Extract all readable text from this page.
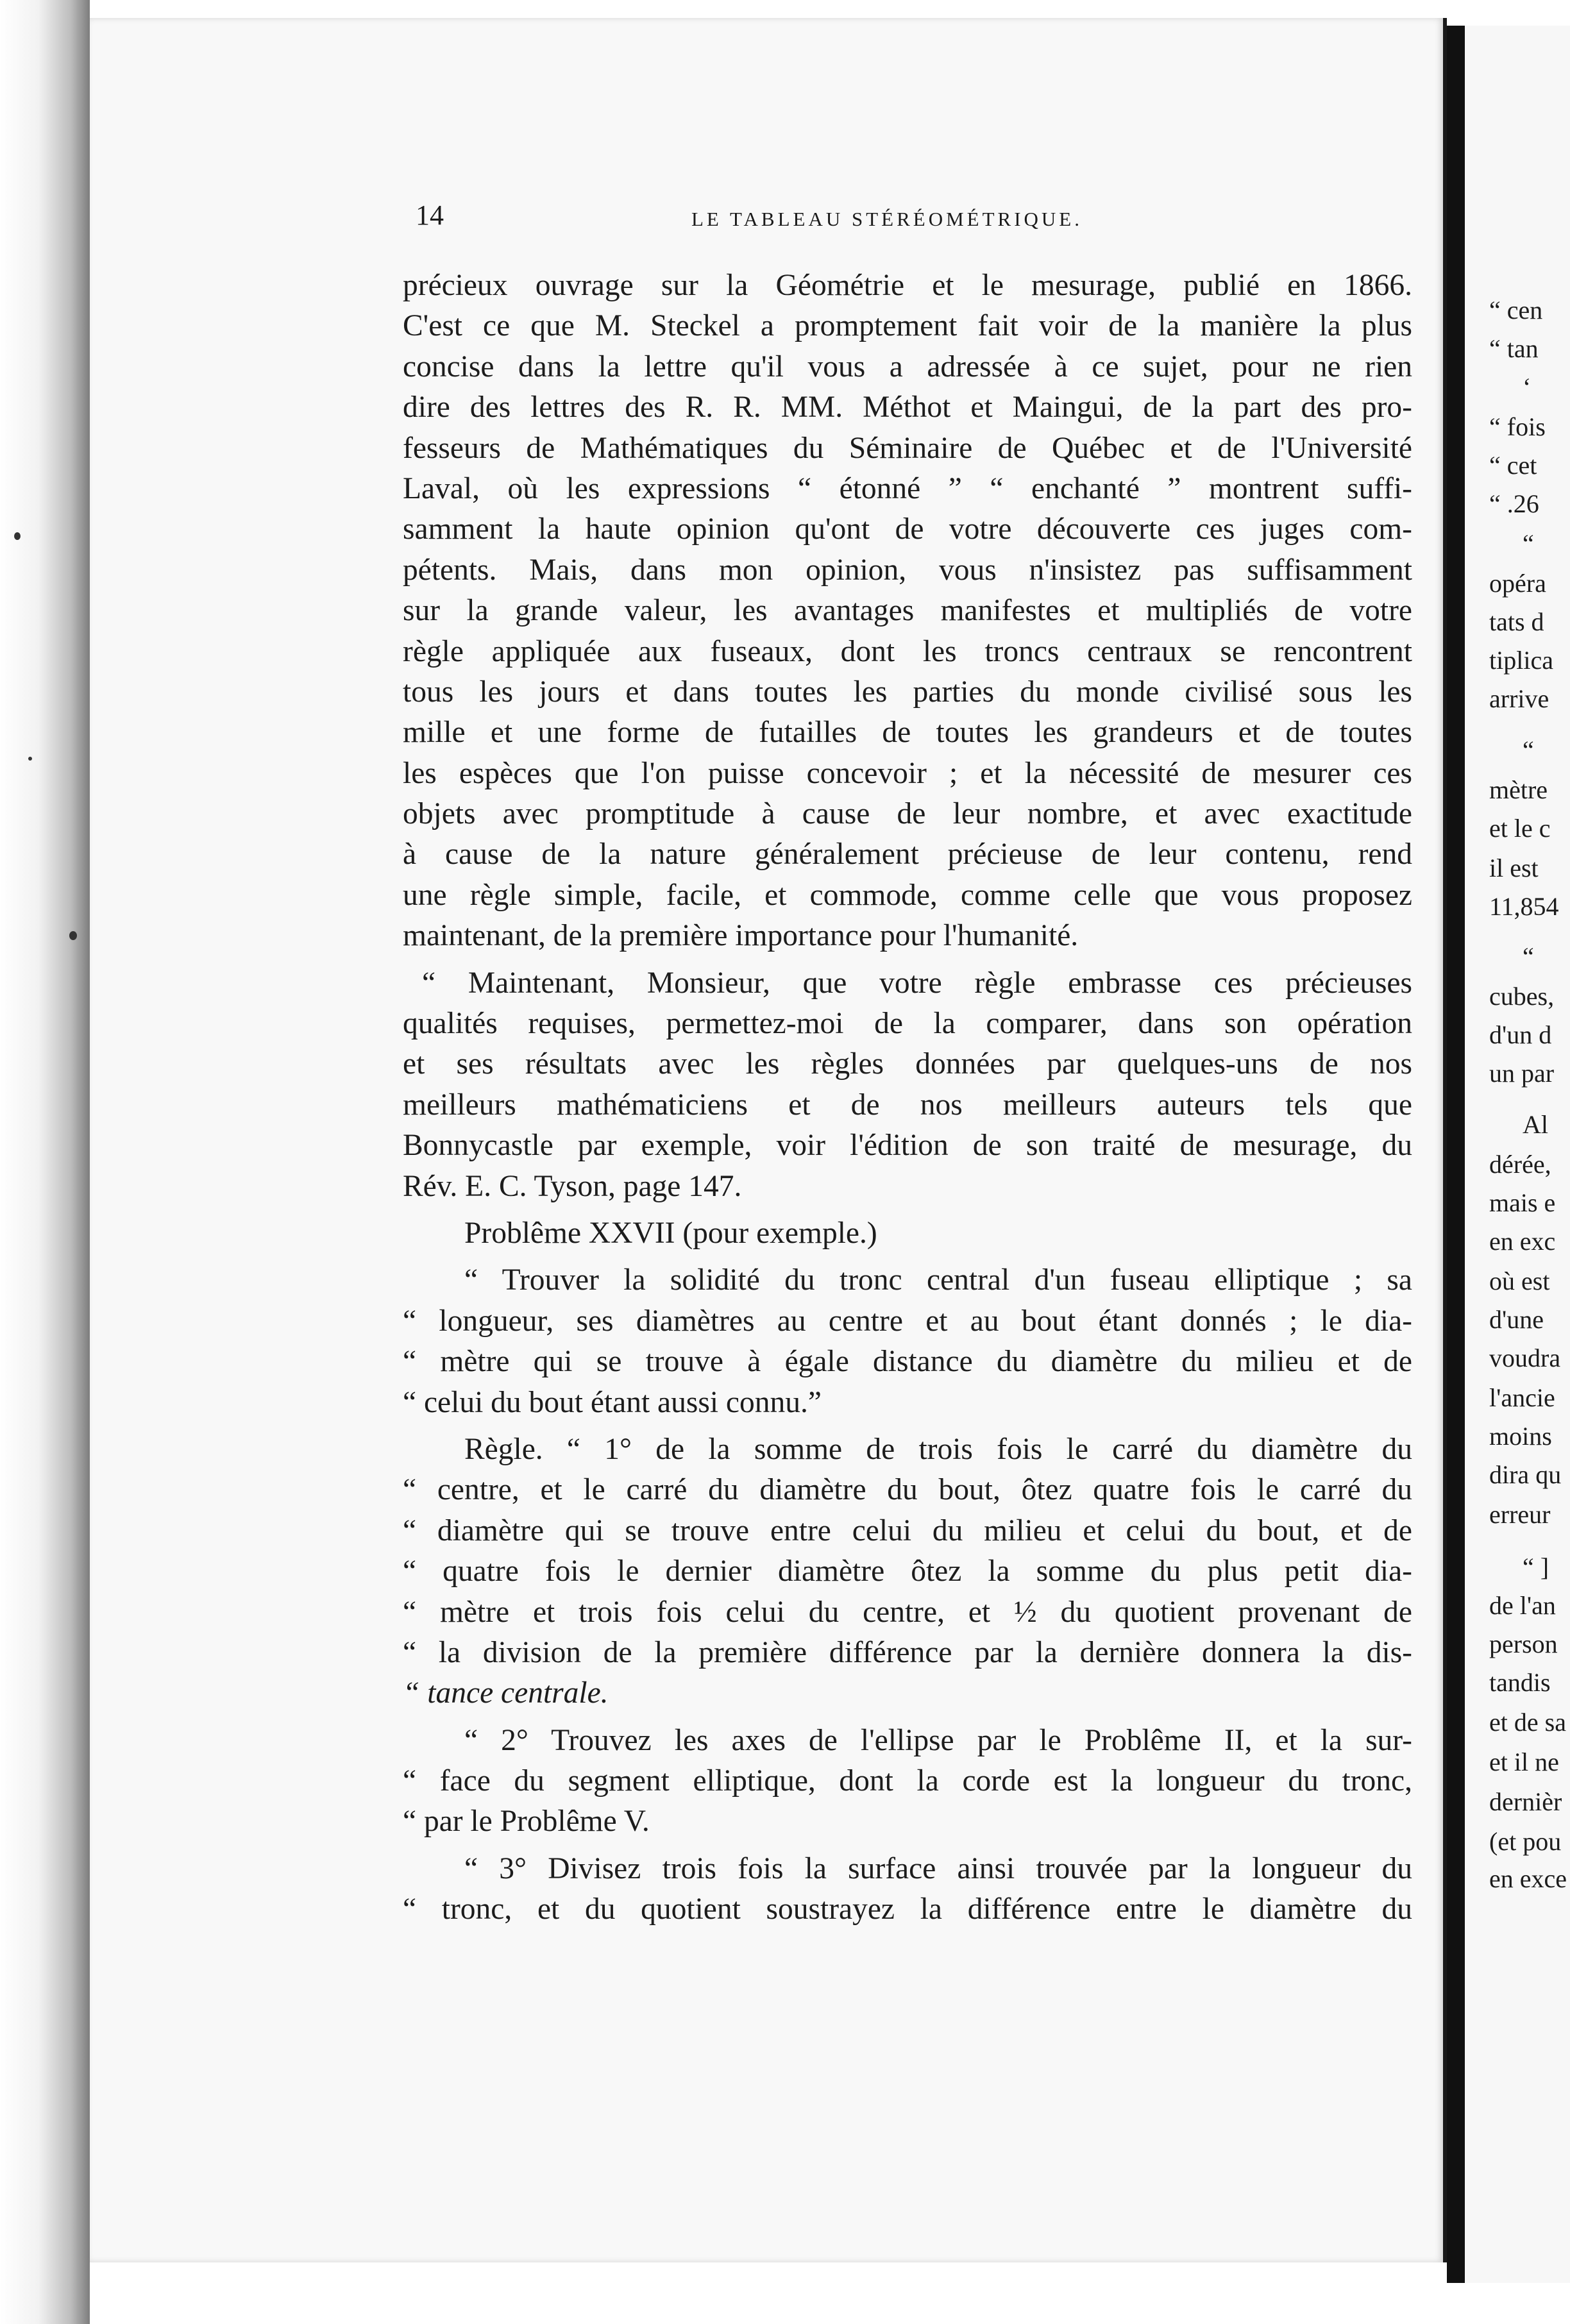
“ cen
“ tan
‘
“ fois
“ cet
“ .26
“
opéra
tats d
tiplica
arrive
“
mètre
et le c
il est
11,854
“
cubes,
d'un d
un par
Al
dérée,
mais e
en exc
où est
d'une
voudra
l'ancie
moins
dira qu
erreur
“ ]
de l'an
person
tandis
et de sa
et il ne
dernièr
(et pou
en exce
14	LE TABLEAU STÉRÉOMÉTRIQUE.
précieux ouvrage sur la Géométrie et le mesurage, publié en 1866.
C'est ce que M. Steckel a promptement fait voir de la manière la plus
concise dans la lettre qu'il vous a adressée à ce sujet, pour ne rien
dire des lettres des R. R. MM. Méthot et Maingui, de la part des pro-
fesseurs de Mathématiques du Séminaire de Québec et de l'Université
Laval, où les expressions “ étonné ” “ enchanté ” montrent suffi-
samment la haute opinion qu'ont de votre découverte ces juges com-
pétents. Mais, dans mon opinion, vous n'insistez pas suffisamment
sur la grande valeur, les avantages manifestes et multipliés de votre
règle appliquée aux fuseaux, dont les troncs centraux se rencontrent
tous les jours et dans toutes les parties du monde civilisé sous les
mille et une forme de futailles de toutes les grandeurs et de toutes
les espèces que l'on puisse concevoir ; et la nécessité de mesurer ces
objets avec promptitude à cause de leur nombre, et avec exactitude
à cause de la nature généralement précieuse de leur contenu, rend
une règle simple, facile, et commode, comme celle que vous proposez
maintenant, de la première importance pour l'humanité.
“ Maintenant, Monsieur, que votre règle embrasse ces précieuses
qualités requises, permettez-moi de la comparer, dans son opération
et ses résultats avec les règles données par quelques-uns de nos
meilleurs mathématiciens et de nos meilleurs auteurs tels que
Bonnycastle par exemple, voir l'édition de son traité de mesurage, du
Rév. E. C. Tyson, page 147.
Problême XXVII (pour exemple.)
“ Trouver la solidité du tronc central d'un fuseau elliptique ; sa
“ longueur, ses diamètres au centre et au bout étant donnés ; le dia-
“ mètre qui se trouve à égale distance du diamètre du milieu et de
“ celui du bout étant aussi connu.”
Règle. “ 1° de la somme de trois fois le carré du diamètre du
“ centre, et le carré du diamètre du bout, ôtez quatre fois le carré du
“ diamètre qui se trouve entre celui du milieu et celui du bout, et de
“ quatre fois le dernier diamètre ôtez la somme du plus petit dia-
“ mètre et trois fois celui du centre, et ½ du quotient provenant de
“ la division de la première différence par la dernière donnera la dis-
“ tance centrale.
“ 2° Trouvez les axes de l'ellipse par le Problême II, et la sur-
“ face du segment elliptique, dont la corde est la longueur du tronc,
“ par le Problême V.
“ 3° Divisez trois fois la surface ainsi trouvée par la longueur du
“ tronc, et du quotient soustrayez la différence entre le diamètre du
